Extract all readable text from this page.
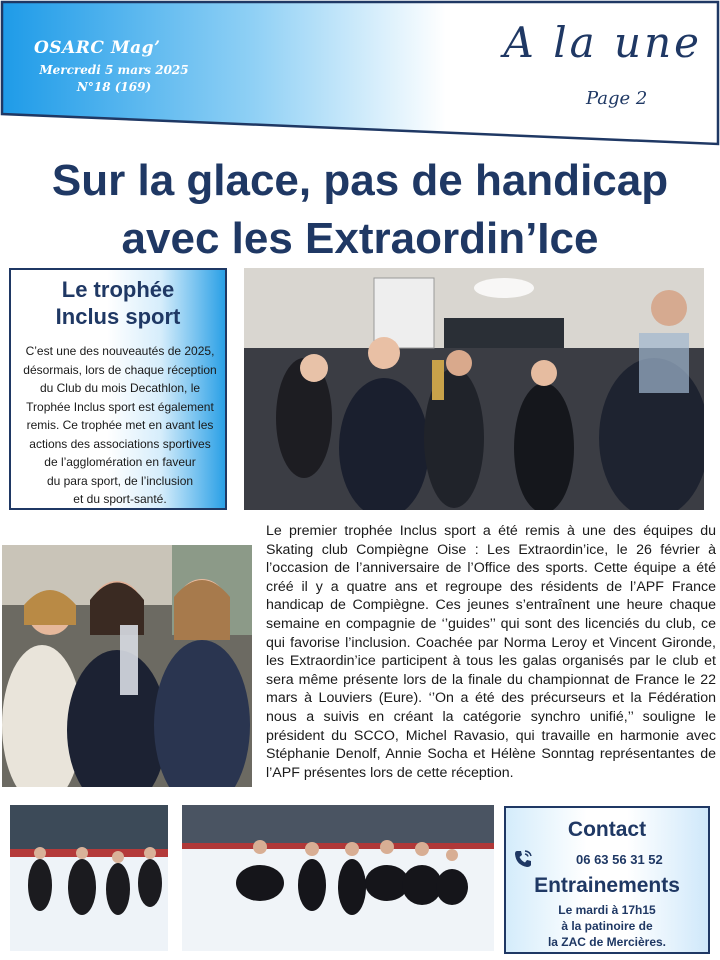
OSARC Mag’
Mercredi 5 mars 2025
N°18 (169)
A la une
Page 2
Sur la glace, pas de handicap
avec les Extraordin’Ice
Le trophée
Inclus sport
C’est une des nouveautés de 2025,
désormais, lors de chaque réception
du Club du mois Decathlon, le
Trophée Inclus sport est également
remis. Ce trophée met en avant les
actions des associations sportives
de l’agglomération en faveur
du para sport, de l’inclusion
et du sport-santé.
Le premier trophée Inclus sport a été remis à une des équipes du Skating club Compiègne Oise : Les Extraordin’ice, le 26 février à l’occasion de l’anniversaire de l’Office des sports. Cette équipe a été créé il y a quatre ans et regroupe des résidents de l’APF France handicap de Compiègne. Ces jeunes s’entraînent une heure chaque semaine en compagnie de ‘’guides’’ qui sont des licenciés du club, ce qui favorise l’inclusion. Coachée par Norma Leroy et Vincent Gironde, les Extraordin’ice participent à tous les galas organisés par le club et sera même présente lors de la finale du championnat de France le 22 mars à Louviers (Eure). ‘’On a été des précurseurs et la Fédération nous a suivis en créant la catégorie synchro unifié,’’ souligne le président du SCCO, Michel Ravasio, qui travaille en harmonie avec Stéphanie Denolf, Annie Socha et Hélène Sonntag représentantes de l’APF présentes lors de cette réception.
Contact
06 63 56 31 52
Entrainements
Le mardi à 17h15
à la patinoire de
la ZAC de Mercières.
